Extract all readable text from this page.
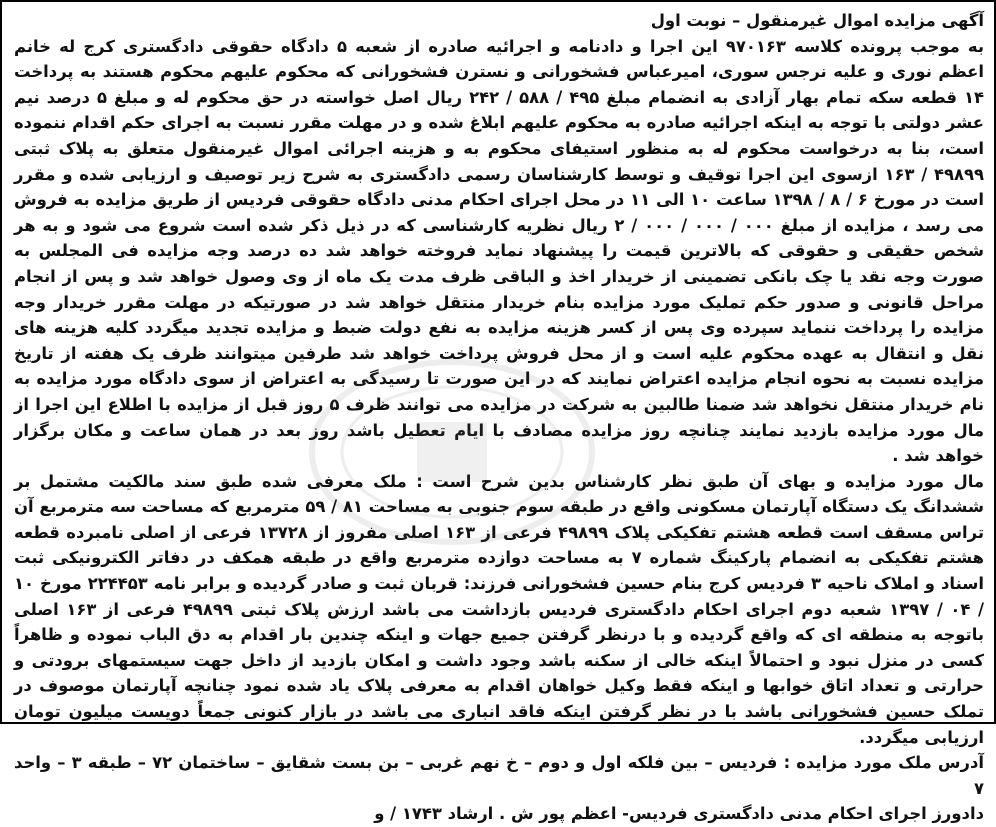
آگهی مزایده اموال غیرمنقول – نوبت اول

به موجب پرونده کلاسه ۹۷۰۱۶۳ این اجرا و دادنامه و اجرائیه صادره از شعبه ۵ دادگاه حقوقی دادگستری کرج له خانم اعظم نوری و علیه نرجس سوری، امیرعباس فشخورانی و نسترن فشخورانی که محکوم علیهم محکوم هستند به پرداخت ۱۴ قطعه سکه تمام بهار آزادی به انضمام مبلغ ۴۹۵ / ۵۸۸ / ۲۴۲ ریال اصل خواسته در حق محکوم له و مبلغ ۵ درصد نیم عشر دولتی با توجه به اینکه اجرائیه صادره به محکوم علیهم ابلاغ شده و در مهلت مقرر نسبت به اجرای حکم اقدام ننموده است، بنا به درخواست محکوم له به منظور استیفای محکوم به و هزینه اجرائی اموال غیرمنقول متعلق به پلاک ثبتی ۴۹۸۹۹ / ۱۶۳ ازسوی این اجرا توقیف و توسط کارشناسان رسمی دادگستری به شرح زیر توصیف و ارزیابی شده و مقرر است در مورخ ۶ / ۸ / ۱۳۹۸ ساعت ۱۰ الی ۱۱ در محل اجرای احکام مدنی دادگاه حقوقی فردیس از طریق مزایده به فروش می رسد ، مزایده از مبلغ ۰۰۰ / ۰۰۰ / ۰۰۰ / ۲ ریال نظریه کارشناسی که در ذیل ذکر شده است شروع می شود و به هر شخص حقیقی و حقوقی که بالاترین قیمت را پیشنهاد نماید فروخته خواهد شد ده درصد وجه مزایده فی المجلس به صورت وجه نقد یا چک بانکی تضمینی از خریدار اخذ و الباقی ظرف مدت یک ماه از وی وصول خواهد شد و پس از انجام مراحل قانونی و صدور حکم تملیک مورد مزایده بنام خریدار منتقل خواهد شد در صورتیکه در مهلت مقرر خریدار وجه مزایده را پرداخت ننماید سپرده وی پس از کسر هزینه مزایده به نفع دولت ضبط و مزایده تجدید میگردد کلیه هزینه های نقل و انتقال به عهده محکوم علیه است و از محل فروش پرداخت خواهد شد طرفین میتوانند ظرف یک هفته از تاریخ مزایده نسبت به نحوه انجام مزایده اعتراض نمایند که در این صورت تا رسیدگی به اعتراض از سوی دادگاه مورد مزایده به نام خریدار منتقل نخواهد شد ضمنا طالبین به شرکت در مزایده می توانند ظرف ۵ روز قبل از مزایده با اطلاع این اجرا از مال مورد مزایده بازدید نمایند چنانچه روز مزایده مصادف با ایام تعطیل باشد روز بعد در همان ساعت و مکان برگزار خواهد شد .

مال مورد مزایده و بهای آن طبق نظر کارشناس بدین شرح است : ملک معرفی شده طبق سند مالکیت مشتمل بر ششدانگ یک دستگاه آپارتمان مسکونی واقع در طبقه سوم جنوبی به مساحت ۸۱ / ۵۹ مترمربع که مساحت سه مترمربع آن تراس مسقف است قطعه هشتم تفکیکی پلاک ۴۹۸۹۹ فرعی از ۱۶۳ اصلی مفروز از ۱۳۷۲۸ فرعی از اصلی نامبرده قطعه هشتم تفکیکی به انضمام پارکینگ شماره ۷ به مساحت دوازده مترمربع واقع در طبقه همکف در دفاتر الکترونیکی ثبت اسناد و املاک ناحیه ۳ فردیس کرج بنام حسین فشخورانی فرزند: قربان ثبت و صادر گردیده و برابر نامه ۲۲۴۴۵۳ مورخ ۱۰ / ۰۴ / ۱۳۹۷ شعبه دوم اجرای احکام دادگستری فردیس بازداشت می باشد ارزش پلاک ثبتی ۴۹۸۹۹ فرعی از ۱۶۳ اصلی باتوجه به منطقه ای که واقع گردیده و با درنظر گرفتن جمیع جهات و اینکه چندین بار اقدام به دق الباب نموده و ظاهراً کسی در منزل نبود و احتمالاً اینکه خالی از سکنه باشد وجود داشت و امکان بازدید از داخل جهت سیستمهای برودتی و حرارتی و تعداد اتاق خوابها و اینکه فقط وکیل خواهان اقدام به معرفی پلاک یاد شده نمود چنانچه آپارتمان موصوف در تملک حسین فشخورانی باشد با در نظر گرفتن اینکه فاقد انباری می باشد در بازار کنونی جمعاً دویست میلیون تومان ارزیابی میگردد.

آدرس ملک مورد مزایده : فردیس – بین فلکه اول و دوم – خ نهم غربی – بن بست شقایق – ساختمان ۷۲ – طبقه ۳ – واحد ۷

دادورز اجرای احکام مدنی دادگستری فردیس- اعظم پور ش . ارشاد ۱۷۴۳ / و
